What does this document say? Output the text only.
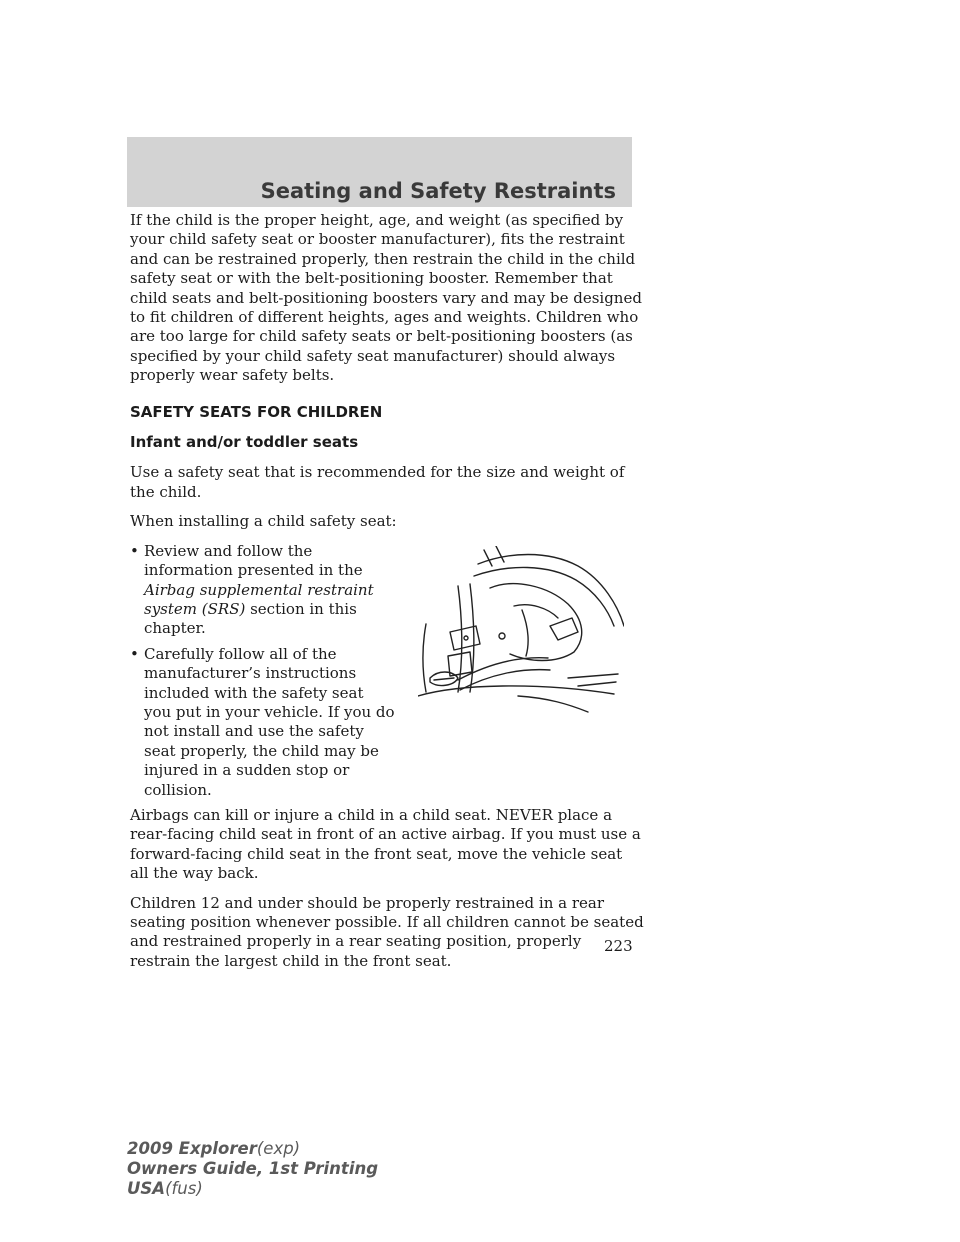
Seating and Safety Restraints

If the child is the proper height, age, and weight (as specified by your child safety seat or booster manufacturer), fits the restraint and can be restrained properly, then restrain the child in the child safety seat or with the belt-positioning booster. Remember that child seats and belt-positioning boosters vary and may be designed to fit children of different heights, ages and weights. Children who are too large for child safety seats or belt-positioning boosters (as specified by your child safety seat manufacturer) should always properly wear safety belts.

SAFETY SEATS FOR CHILDREN
Infant and/or toddler seats

Use a safety seat that is recommended for the size and weight of the child.

When installing a child safety seat:

• Review and follow the information presented in the Airbag supplemental restraint system (SRS) section in this chapter.
• Carefully follow all of the manufacturer’s instructions included with the safety seat you put in your vehicle. If you do not install and use the safety seat properly, the child may be injured in a sudden stop or collision.

Airbags can kill or injure a child in a child seat. NEVER place a rear-facing child seat in front of an active airbag. If you must use a forward-facing child seat in the front seat, move the vehicle seat all the way back.

Children 12 and under should be properly restrained in a rear seating position whenever possible. If all children cannot be seated and restrained properly in a rear seating position, properly restrain the largest child in the front seat.

223
2009 Explorer(exp)
Owners Guide, 1st Printing
USA(fus)
